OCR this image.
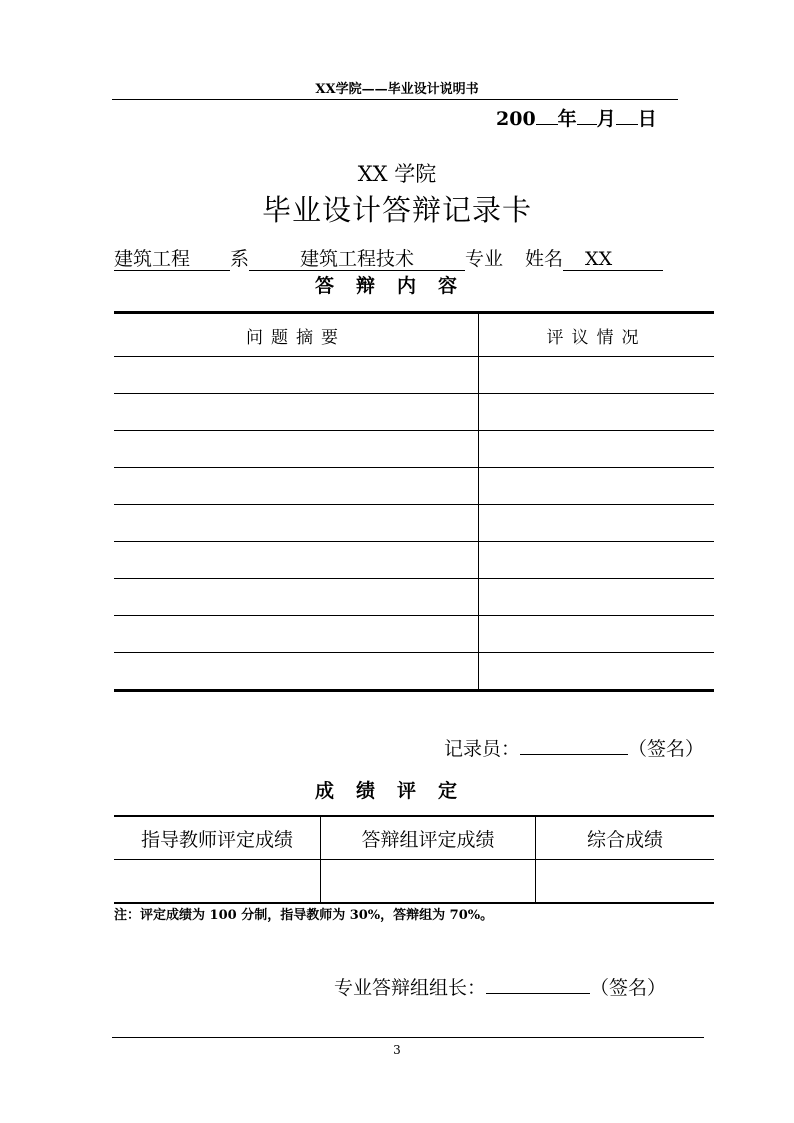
XX学院——毕业设计说明书
200 年 月 日
XX 学院
毕业设计答辩记录卡
建筑工程 系	建筑工程技术	专业 姓名 XX
答辩内容
问题摘要	评议情况

记录员：	（签名）
成绩评定
指导教师评定成绩	答辩组评定成绩	综合成绩

注：评定成绩为 100 分制，指导教师为 30%，答辩组为 70%。
专业答辩组组长：	（签名）
3
